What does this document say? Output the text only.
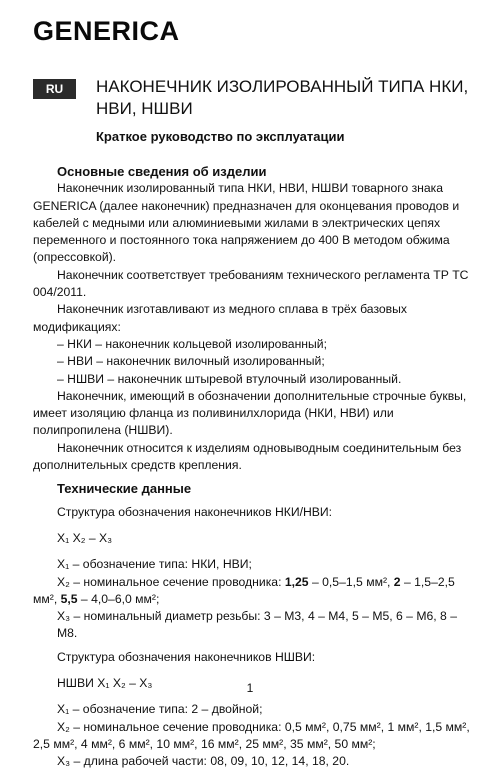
GENERICA
RU	НАКОНЕЧНИК ИЗОЛИРОВАННЫЙ ТИПА НКИ,
НВИ, НШВИ
Краткое руководство по эксплуатации

Основные сведения об изделии

Наконечник изолированный типа НКИ, НВИ, НШВИ товарного знака GENERICA (далее наконечник) предназначен для оконцевания проводов и кабелей с медными или алюминиевыми жилами в электрических цепях переменного и постоянного тока напряжением до 400 В методом обжима (опрессовкой).

Наконечник соответствует требованиям технического регламента ТР ТС 004/2011.

Наконечник изготавливают из медного сплава в трёх базовых модификациях:

– НКИ – наконечник кольцевой изолированный;

– НВИ – наконечник вилочный изолированный;

– НШВИ – наконечник штыревой втулочный изолированный.

Наконечник, имеющий в обозначении дополнительные строчные буквы, имеет изоляцию фланца из поливинилхлорида (НКИ, НВИ) или полипропилена (НШВИ).

Наконечник относится к изделиям одновыводным соединительным без дополнительных средств крепления.

Технические данные

Структура обозначения наконечников НКИ/НВИ:

X₁ X₂ – X₃

X₁ – обозначение типа: НКИ, НВИ;

X₂ – номинальное сечение проводника: 1,25 – 0,5–1,5 мм², 2 – 1,5–2,5 мм², 5,5 – 4,0–6,0 мм²;

X₃ – номинальный диаметр резьбы: 3 – М3, 4 – М4, 5 – М5, 6 – М6, 8 – М8.

Структура обозначения наконечников НШВИ:

НШВИ X₁ X₂ – X₃

X₁ – обозначение типа: 2 – двойной;

X₂ – номинальное сечение проводника: 0,5 мм², 0,75 мм², 1 мм², 1,5 мм², 2,5 мм², 4 мм², 6 мм², 10 мм², 16 мм², 25 мм², 35 мм², 50 мм²;

X₃ – длина рабочей части: 08, 09, 10, 12, 14, 18, 20.

1
